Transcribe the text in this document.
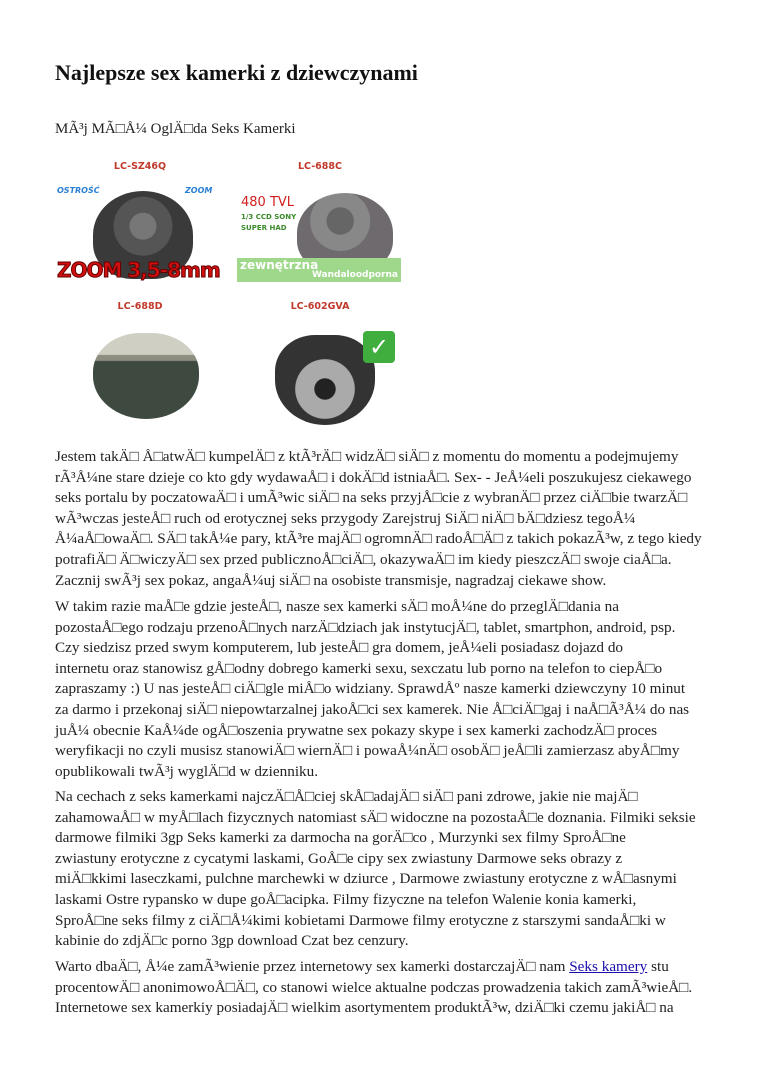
Najlepsze sex kamerki z dziewczynami
MÃ³j MÃ□Å¼ OglÄ□da Seks Kamerki
LC-SZ46Q
OSTROŚĆ	ZOOM
ZOOM 3,5-8mm
LC-688C
480 TVL
1/3 CCD SONY
SUPER HAD
zewnętrzna
Wandaloodporna
LC-688D	LC-602GVA
✓
Jestem takÄ□ Å□atwÄ□ kumpelÄ□ z ktÃ³rÄ□ widzÄ□ siÄ□ z momentu do momentu a podejmujemy
rÃ³Å¼ne stare dzieje co kto gdy wydawaÅ□ i dokÄ□d istniaÅ□. Sex- - JeÅ¼eli poszukujesz ciekawego
seks portalu by poczatowaÄ□ i umÃ³wic siÄ□ na seks przyjÅ□cie z wybranÄ□ przez ciÄ□bie twarzÄ□
wÃ³wczas jesteÅ□ ruch od erotycznej seks przygody Zarejstruj SiÄ□ niÄ□ bÄ□dziesz tegoÅ¼
Å¼aÅ□owaÄ□. SÄ□ takÅ¼e pary, ktÃ³re majÄ□ ogromnÄ□ radoÅ□Ä□ z takich pokazÃ³w, z tego kiedy
potrafiÄ□ Ä□wiczyÄ□ sex przed publicznoÅ□ciÄ□, okazywaÄ□ im kiedy pieszczÄ□ swoje ciaÅ□a.
Zacznij swÃ³j sex pokaz, angaÅ¼uj siÄ□ na osobiste transmisje, nagradzaj ciekawe show.
W takim razie maÅ□e gdzie jesteÅ□, nasze sex kamerki sÄ□ moÅ¼ne do przeglÄ□dania na
pozostaÅ□ego rodzaju przenoÅ□nych narzÄ□dziach jak instytucjÄ□, tablet, smartphon, android, psp.
Czy siedzisz przed swym komputerem, lub jesteÅ□ gra domem, jeÅ¼eli posiadasz dojazd do
internetu oraz stanowisz gÅ□odny dobrego kamerki sexu, sexczatu lub porno na telefon to ciepÅ□o
zapraszamy :) U nas jesteÅ□ ciÄ□gle miÅ□o widziany. SprawdÅº nasze kamerki dziewczyny 10 minut
za darmo i przekonaj siÄ□ niepowtarzalnej jakoÅ□ci sex kamerek. Nie Å□ciÄ□gaj i naÅ□Ã³Å¼ do nas
juÅ¼ obecnie KaÅ¼de ogÅ□oszenia prywatne sex pokazy skype i sex kamerki zachodzÄ□ proces
weryfikacji no czyli musisz stanowiÄ□ wiernÄ□ i powaÅ¼nÄ□ osobÄ□ jeÅ□li zamierzasz abyÅ□my
opublikowali twÃ³j wyglÄ□d w dzienniku.
Na cechach z seks kamerkami najczÄ□Å□ciej skÅ□adajÄ□ siÄ□ pani zdrowe, jakie nie majÄ□
zahamowaÅ□ w myÅ□lach fizycznych natomiast sÄ□ widoczne na pozostaÅ□e doznania. Filmiki seksie
darmowe filmiki 3gp Seks kamerki za darmocha na gorÄ□co , Murzynki sex filmy SproÅ□ne
zwiastuny erotyczne z cycatymi laskami, GoÅ□e cipy sex zwiastuny Darmowe seks obrazy z
miÄ□kkimi laseczkami, pulchne marchewki w dziurce , Darmowe zwiastuny erotyczne z wÅ□asnymi
laskami Ostre rypansko w dupe goÅ□acipka. Filmy fizyczne na telefon Walenie konia kamerki,
SproÅ□ne seks filmy z ciÄ□Å¼kimi kobietami Darmowe filmy erotyczne z starszymi sandaÅ□ki w
kabinie do zdjÄ□c porno 3gp download Czat bez cenzury.
Warto dbaÄ□, Å¼e zamÃ³wienie przez internetowy sex kamerki dostarczajÄ□ nam Seks kamery stu
procentowÄ□ anonimowoÅ□Ä□, co stanowi wielce aktualne podczas prowadzenia takich zamÃ³wieÅ□.
Internetowe sex kamerkiy posiadajÄ□ wielkim asortymentem produktÃ³w, dziÄ□ki czemu jakiÅ□ na
